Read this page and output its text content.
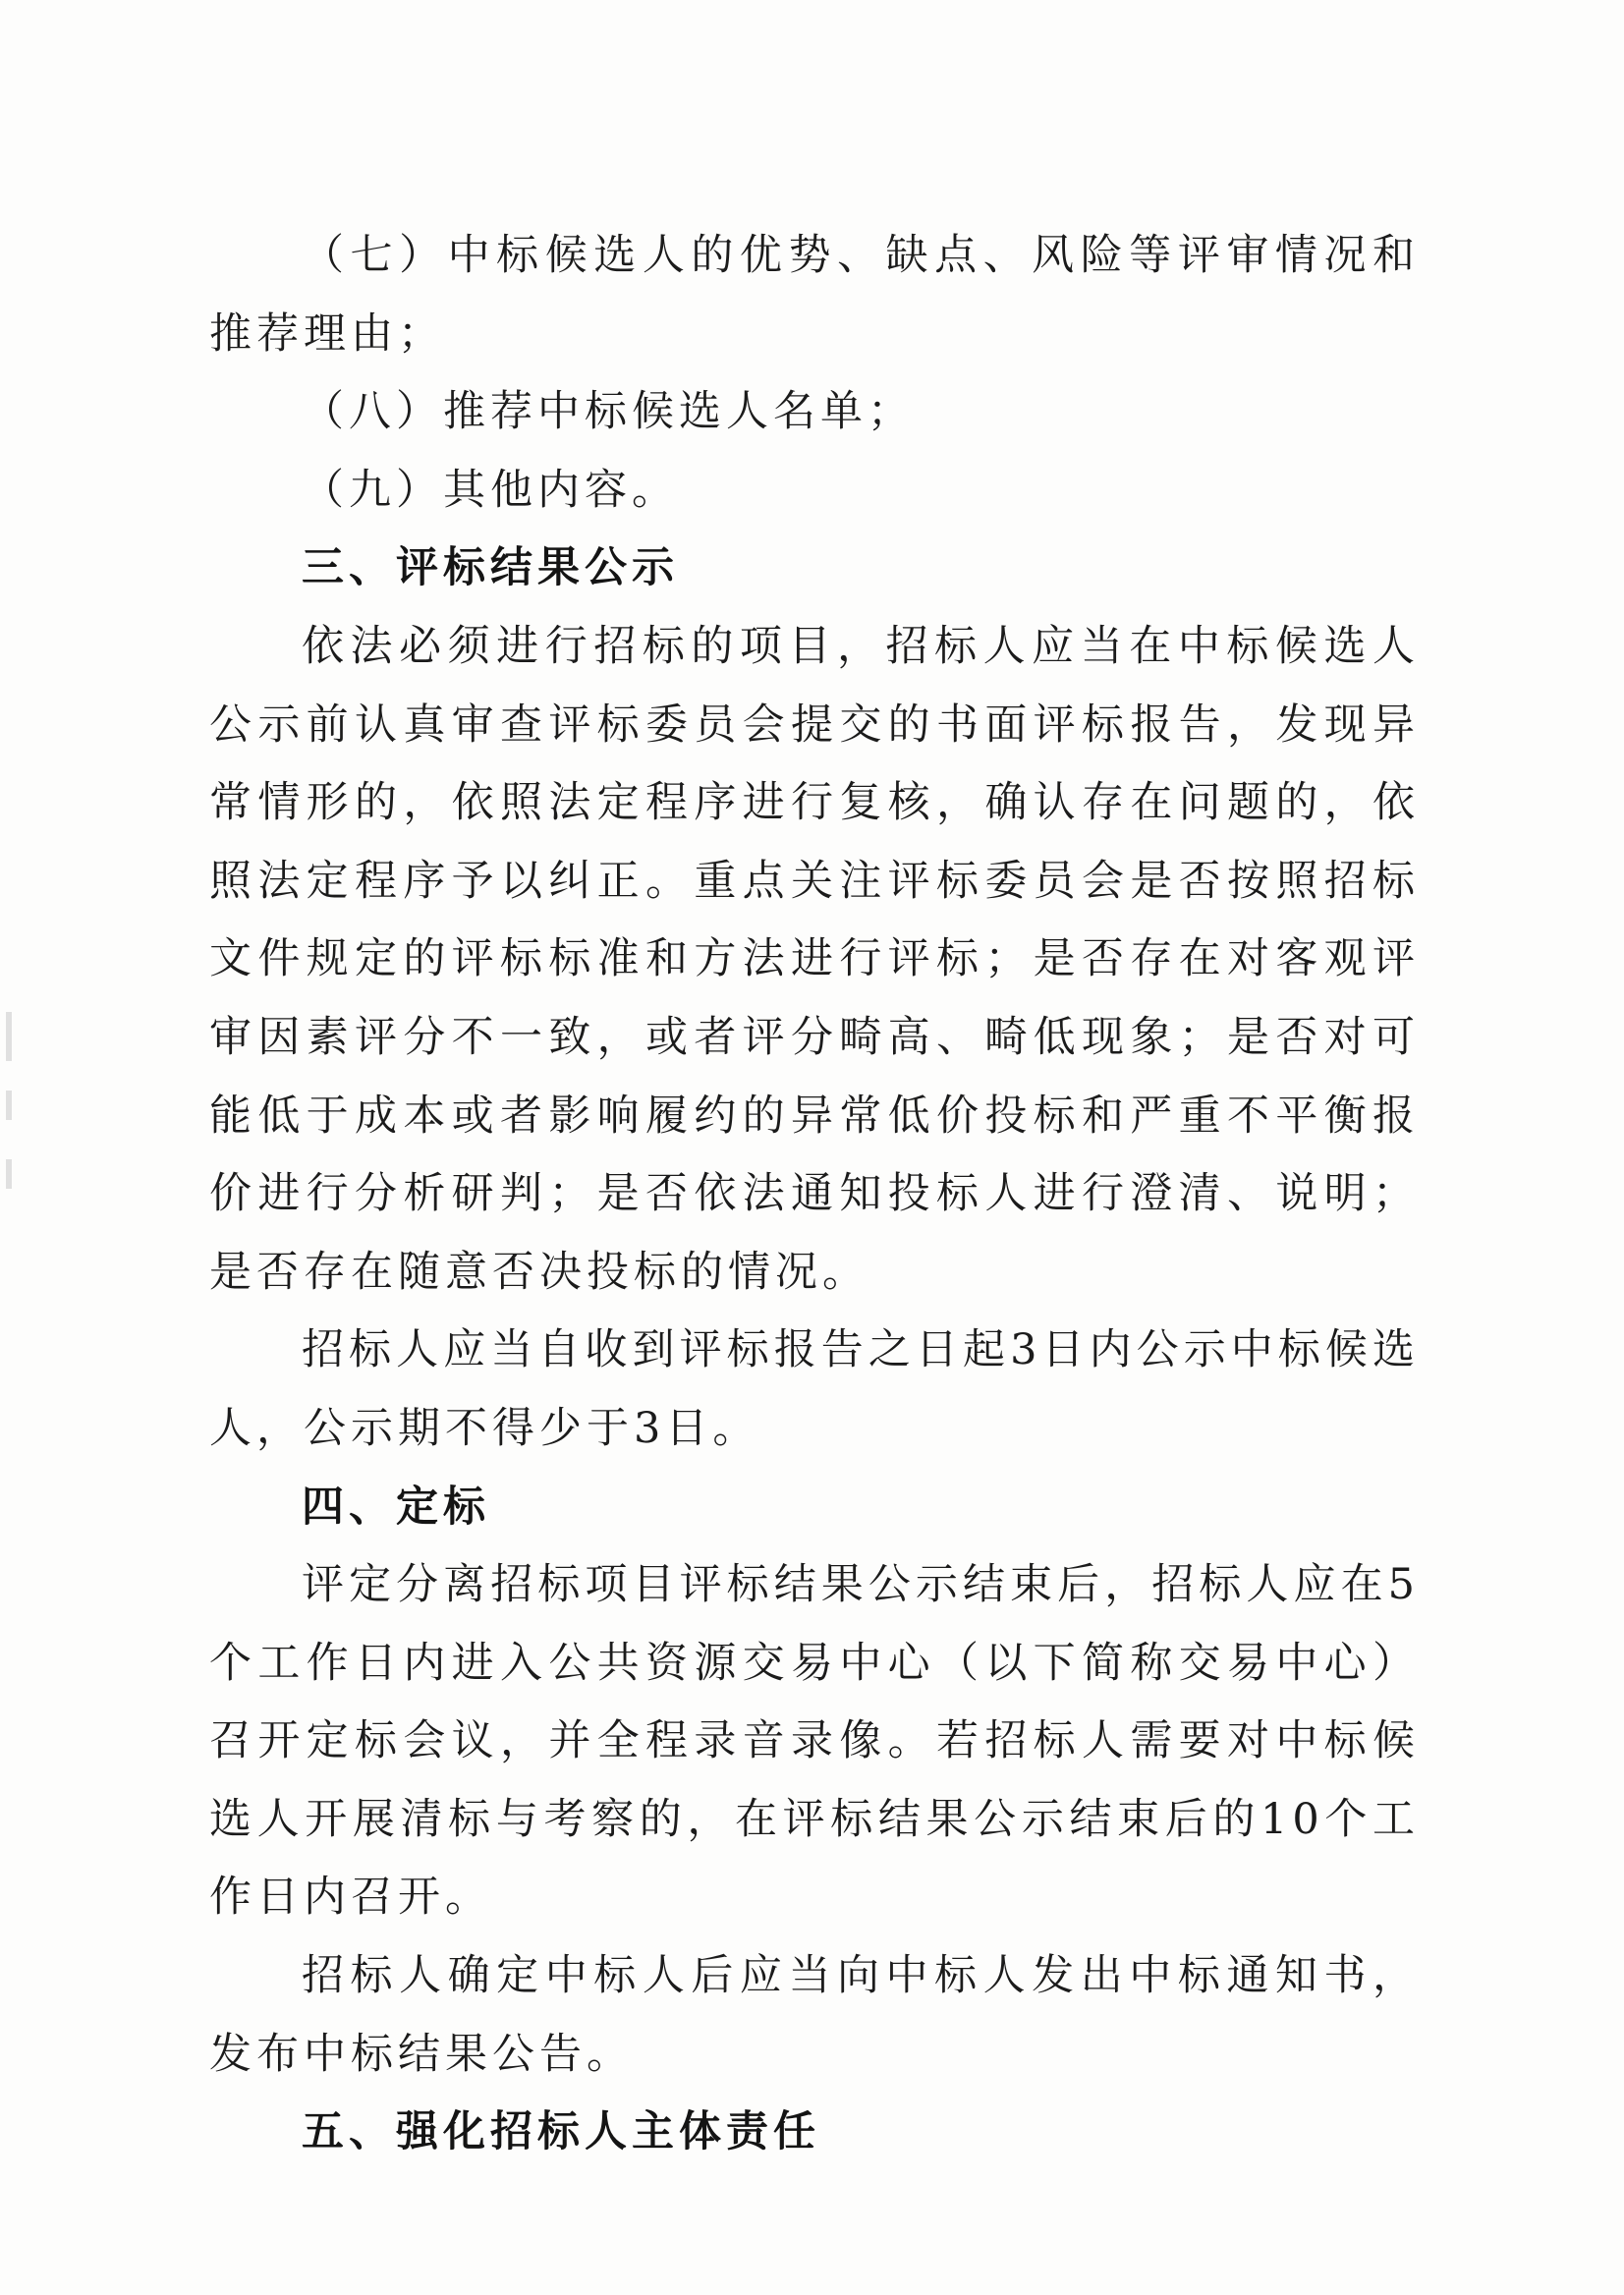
（七）中标候选人的优势、缺点、风险等评审情况和推荐理由；

（八）推荐中标候选人名单；

（九）其他内容。

三、评标结果公示

依法必须进行招标的项目，招标人应当在中标候选人公示前认真审查评标委员会提交的书面评标报告，发现异常情形的，依照法定程序进行复核，确认存在问题的，依照法定程序予以纠正。重点关注评标委员会是否按照招标文件规定的评标标准和方法进行评标；是否存在对客观评审因素评分不一致，或者评分畸高、畸低现象；是否对可能低于成本或者影响履约的异常低价投标和严重不平衡报价进行分析研判；是否依法通知投标人进行澄清、说明；是否存在随意否决投标的情况。

招标人应当自收到评标报告之日起3日内公示中标候选人，公示期不得少于3日。

四、定标

评定分离招标项目评标结果公示结束后，招标人应在5个工作日内进入公共资源交易中心（以下简称交易中心）召开定标会议，并全程录音录像。若招标人需要对中标候选人开展清标与考察的，在评标结果公示结束后的10个工作日内召开。

招标人确定中标人后应当向中标人发出中标通知书，发布中标结果公告。

五、强化招标人主体责任
